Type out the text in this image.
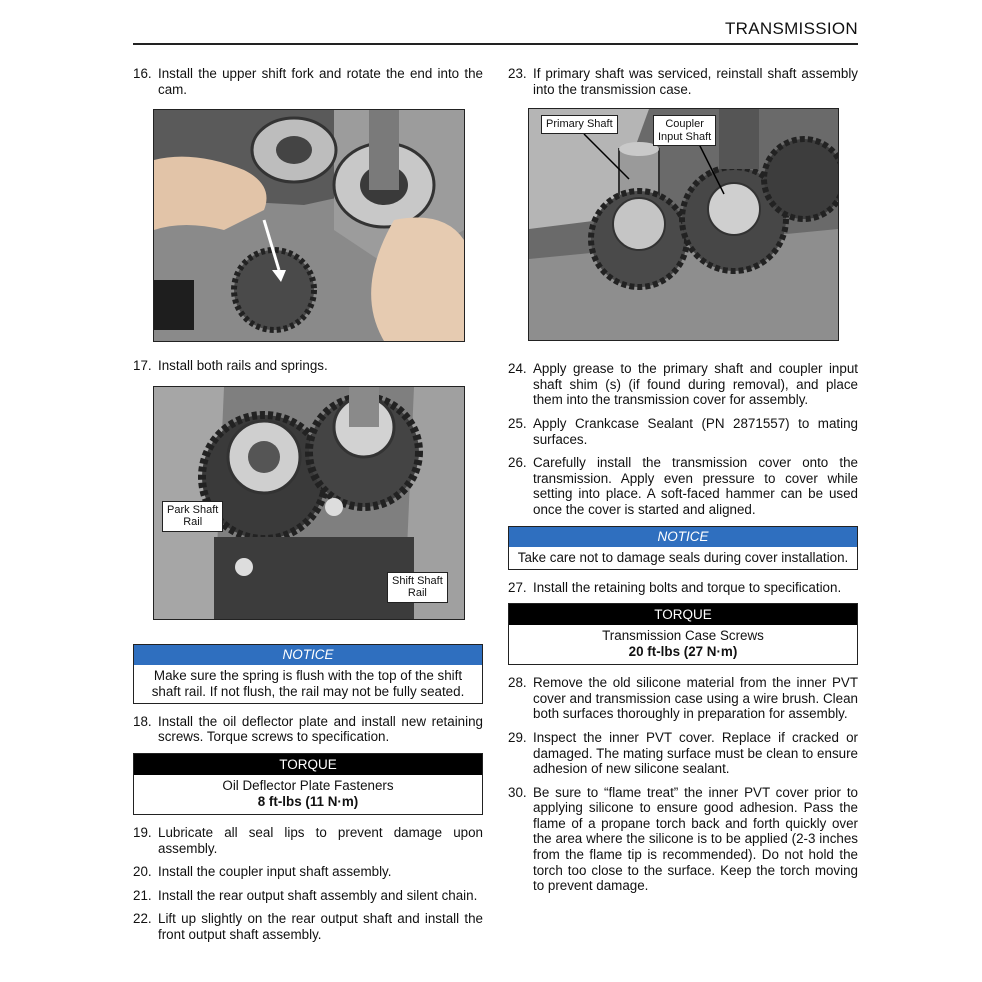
TRANSMISSION
16. Install the upper shift fork and rotate the end into the cam.
17. Install both rails and springs.
Park Shaft
Rail
Shift Shaft
Rail
NOTICE
Make sure the spring is flush with the top of the shift shaft rail. If not flush, the rail may not be fully seated.
18. Install the oil deflector plate and install new retaining screws. Torque screws to specification.
TORQUE
Oil Deflector Plate Fasteners
8 ft-lbs (11 N·m)
19. Lubricate all seal lips to prevent damage upon assembly.
20. Install the coupler input shaft assembly.
21. Install the rear output shaft assembly and silent chain.
22. Lift up slightly on the rear output shaft and install the front output shaft assembly.
23. If primary shaft was serviced, reinstall shaft assembly into the transmission case.
Primary Shaft	Coupler
Input Shaft
24. Apply grease to the primary shaft and coupler input shaft shim (s) (if found during removal), and place them into the transmission cover for assembly.
25. Apply Crankcase Sealant (PN 2871557) to mating surfaces.
26. Carefully install the transmission cover onto the transmission. Apply even pressure to cover while setting into place. A soft-faced hammer can be used once the cover is started and aligned.
NOTICE
Take care not to damage seals during cover installation.
27. Install the retaining bolts and torque to specification.
TORQUE
Transmission Case Screws
20 ft-lbs (27 N·m)
28. Remove the old silicone material from the inner PVT cover and transmission case using a wire brush. Clean both surfaces thoroughly in preparation for assembly.
29. Inspect the inner PVT cover. Replace if cracked or damaged. The mating surface must be clean to ensure adhesion of new silicone sealant.
30. Be sure to “flame treat” the inner PVT cover prior to applying silicone to ensure good adhesion. Pass the flame of a propane torch back and forth quickly over the area where the silicone is to be applied (2-3 inches from the flame tip is recommended). Do not hold the torch too close to the surface. Keep the torch moving to prevent damage.
